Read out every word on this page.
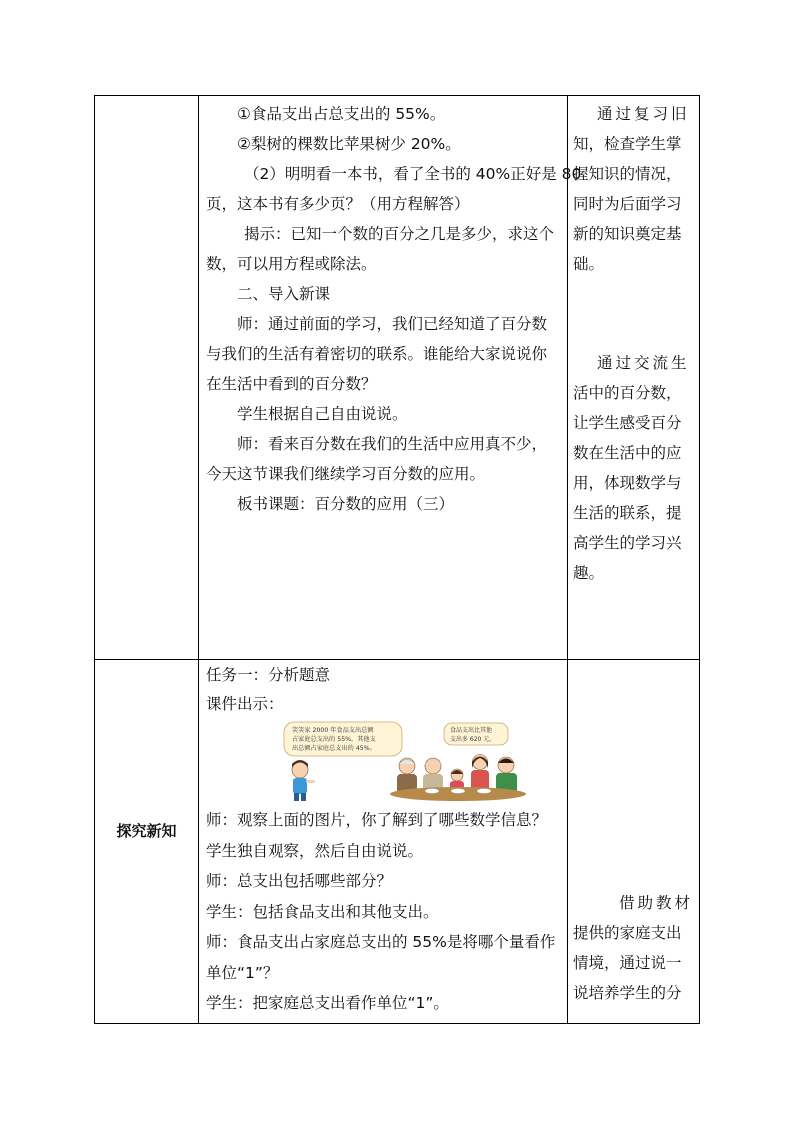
①食品支出占总支出的 55%。
②梨树的棵数比苹果树少 20%。
（2）明明看一本书，看了全书的 40%正好是 80
页，这本书有多少页？（用方程解答）
揭示：已知一个数的百分之几是多少，求这个
数，可以用方程或除法。
二、导入新课
师：通过前面的学习，我们已经知道了百分数
与我们的生活有着密切的联系。谁能给大家说说你
在生活中看到的百分数？
学生根据自己自由说说。
师：看来百分数在我们的生活中应用真不少，
今天这节课我们继续学习百分数的应用。
板书课题：百分数的应用（三）
通过复习旧
知，检查学生掌
握知识的情况，
同时为后面学习
新的知识奠定基
础。
通过交流生
活中的百分数，
让学生感受百分
数在生活中的应
用，体现数学与
生活的联系，提
高学生的学习兴
趣。
探究新知
任务一：分析题意
课件出示：
笑笑家 2000 年食品支出总额
占家庭总支出的 55%，其他支
出总额占家庭总支出的 45%。
食品支出比其他
支出多 620 元。
师：观察上面的图片，你了解到了哪些数学信息？
学生独自观察，然后自由说说。
师：总支出包括哪些部分？
学生：包括食品支出和其他支出。
师：食品支出占家庭总支出的 55%是将哪个量看作
单位“1”？
学生：把家庭总支出看作单位“1”。
借助教材
提供的家庭支出
情境，通过说一
说培养学生的分
